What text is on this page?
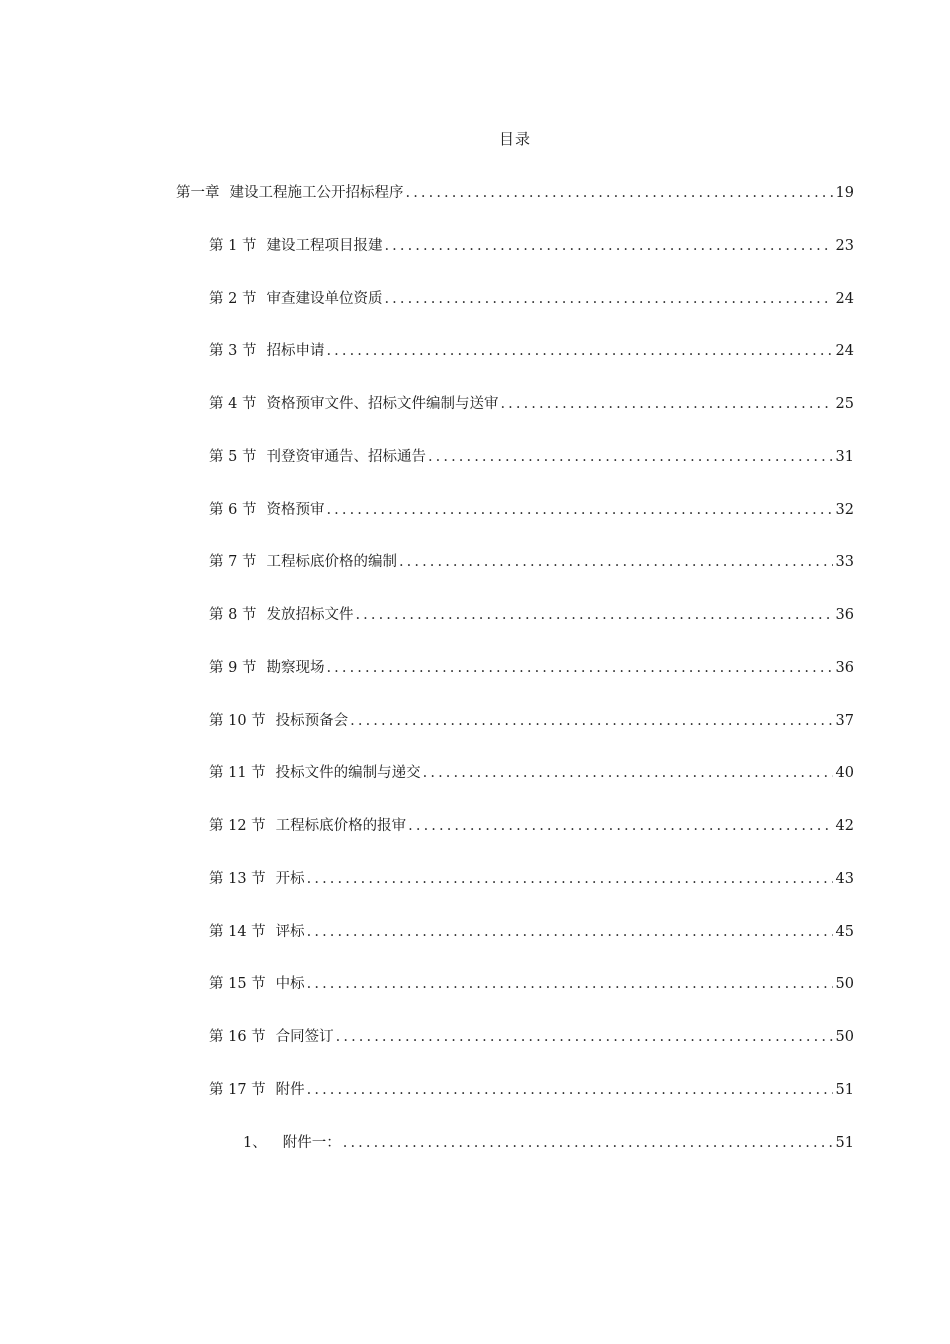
目录
第一章 建设工程施工公开招标程序 .....	19
第 1 节 建设工程项目报建 .....	23
第 2 节 审查建设单位资质 .....	24
第 3 节 招标申请 .....	24
第 4 节 资格预审文件、招标文件编制与送审 .....	25
第 5 节 刊登资审通告、招标通告 .....	31
第 6 节 资格预审 .....	32
第 7 节 工程标底价格的编制 .....	33
第 8 节 发放招标文件 .....	36
第 9 节 勘察现场 .....	36
第 10 节 投标预备会 .....	37
第 11 节 投标文件的编制与递交 .....	40
第 12 节 工程标底价格的报审 .....	42
第 13 节 开标 .....	43
第 14 节 评标 .....	45
第 15 节 中标 .....	50
第 16 节 合同签订 .....	50
第 17 节 附件 .....	51
1、 附件一： .....	51
